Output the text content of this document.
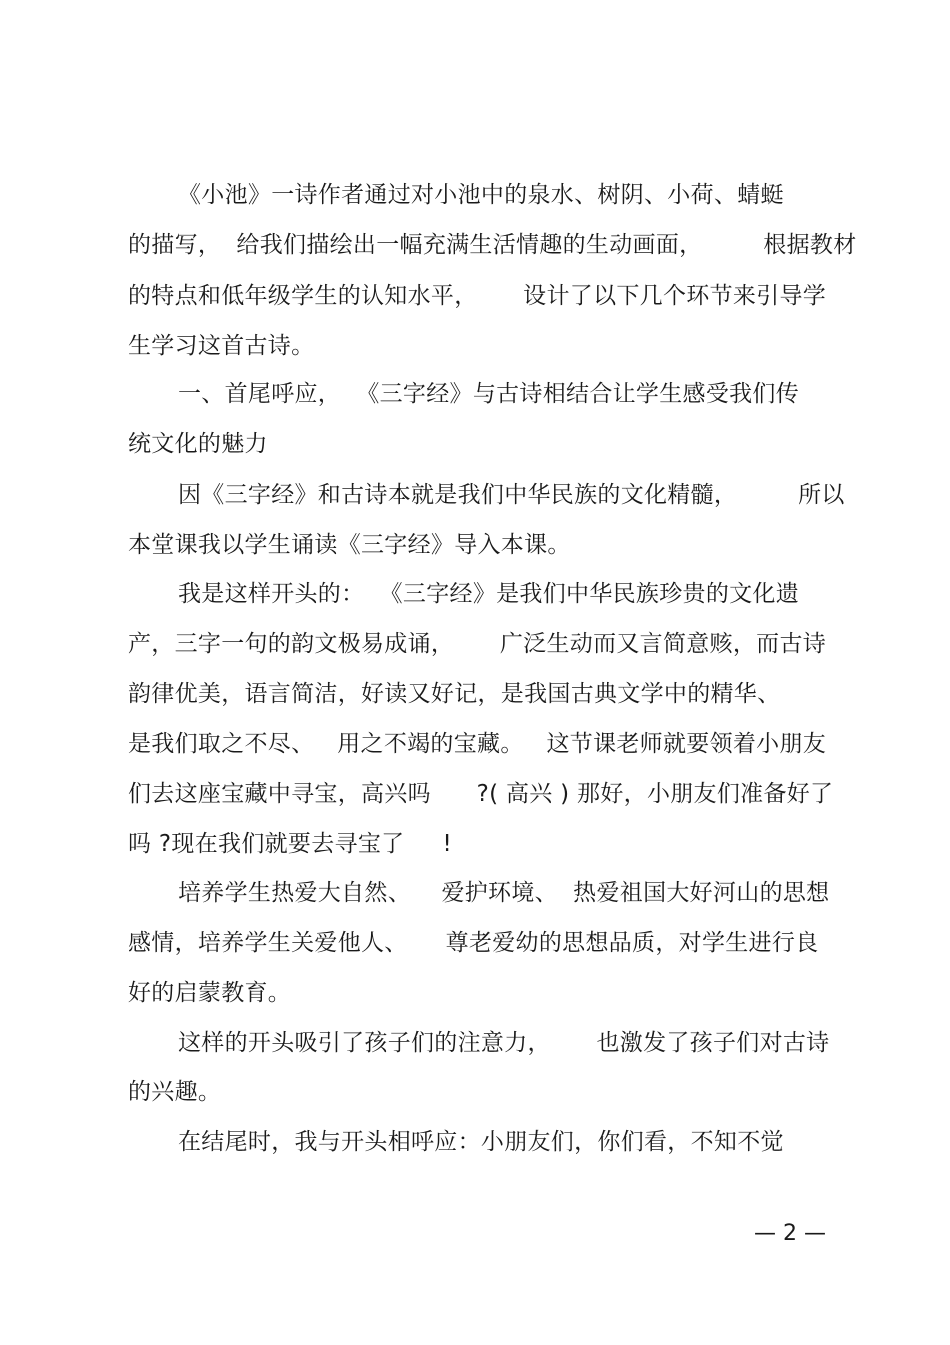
《小池》一诗作者通过对小池中的泉水、树阴、小荷、蜻蜓
的描写，  给我们描绘出一幅充满生活情趣的生动画面，        根据教材
的特点和低年级学生的认知水平，      设计了以下几个环节来引导学
生学习这首古诗。
一、首尾呼应，  《三字经》与古诗相结合让学生感受我们传
统文化的魅力
因《三字经》和古诗本就是我们中华民族的文化精髓，        所以
本堂课我以学生诵读《三字经》导入本课。
我是这样开头的：  《三字经》是我们中华民族珍贵的文化遗
产，三字一句的韵文极易成诵，      广泛生动而又言简意赅，而古诗
韵律优美，语言简洁，好读又好记，是我国古典文学中的精华、
是我们取之不尽、   用之不竭的宝藏。   这节课老师就要领着小朋友
们去这座宝藏中寻宝，高兴吗      ?( 高兴 ) 那好，小朋友们准备好了
吗 ?现在我们就要去寻宝了     !
培养学生热爱大自然、    爱护环境、  热爱祖国大好河山的思想
感情，培养学生关爱他人、     尊老爱幼的思想品质，对学生进行良
好的启蒙教育。
这样的开头吸引了孩子们的注意力，      也激发了孩子们对古诗
的兴趣。
在结尾时，我与开头相呼应：小朋友们，你们看，不知不觉
— 2 —
